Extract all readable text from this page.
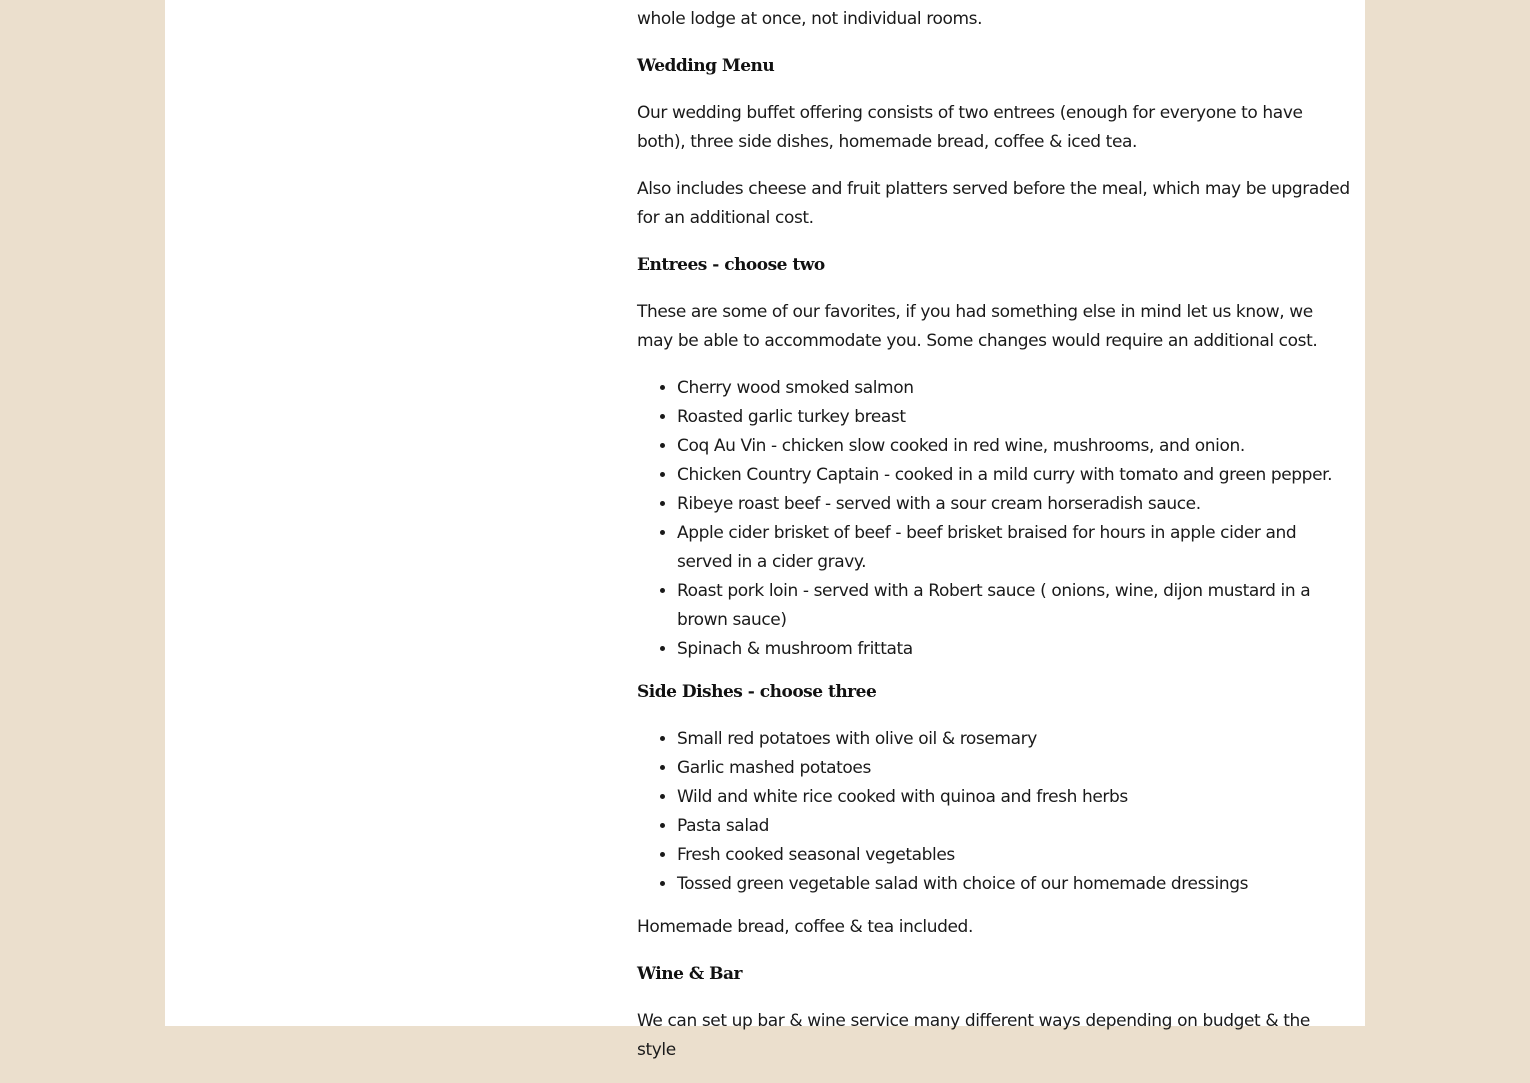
whole lodge at once, not individual rooms.

Wedding Menu

Our wedding buffet offering consists of two entrees (enough for everyone to have both), three side dishes, homemade bread, coffee & iced tea.

Also includes cheese and fruit platters served before the meal, which may be upgraded for an additional cost.

Entrees - choose two

These are some of our favorites, if you had something else in mind let us know, we may be able to accommodate you. Some changes would require an additional cost.

• Cherry wood smoked salmon
• Roasted garlic turkey breast
• Coq Au Vin - chicken slow cooked in red wine, mushrooms, and onion.
• Chicken Country Captain - cooked in a mild curry with tomato and green pepper.
• Ribeye roast beef - served with a sour cream horseradish sauce.
• Apple cider brisket of beef - beef brisket braised for hours in apple cider and served in a cider gravy.
• Roast pork loin - served with a Robert sauce ( onions, wine, dijon mustard in a brown sauce)
• Spinach & mushroom frittata

Side Dishes - choose three

• Small red potatoes with olive oil & rosemary
• Garlic mashed potatoes
• Wild and white rice cooked with quinoa and fresh herbs
• Pasta salad
• Fresh cooked seasonal vegetables
• Tossed green vegetable salad with choice of our homemade dressings

Homemade bread, coffee & tea included.

Wine & Bar

We can set up bar & wine service many different ways depending on budget & the style
